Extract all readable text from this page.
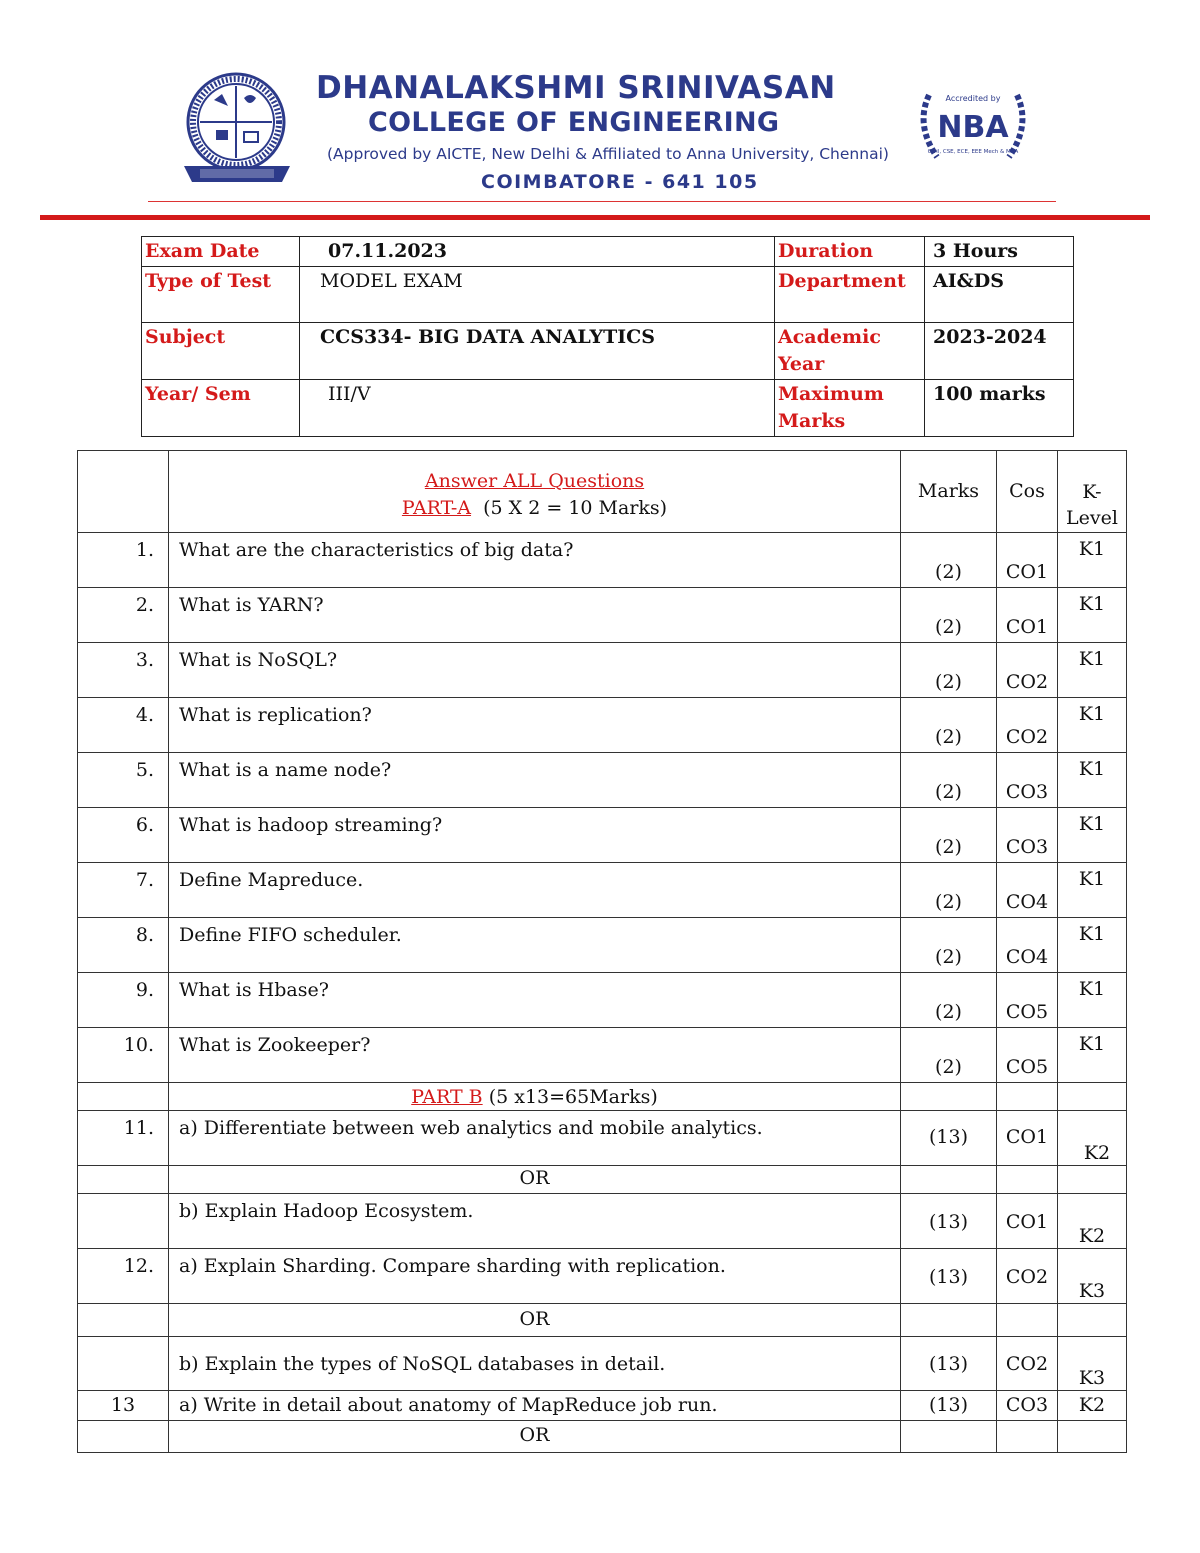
DHANALAKSHMI SRINIVASAN
COLLEGE OF ENGINEERING
(Approved by AICTE, New Delhi & Affiliated to Anna University, Chennai)
COIMBATORE - 641 105
Accredited by
NBA
Civil, CSE, ECE, EEE Mech & MBA
Exam Date	07.11.2023	Duration	3 Hours
Type of Test	MODEL EXAM	Department	AI&DS
Subject	CCS334- BIG DATA ANALYTICS	Academic Year	2023-2024
Year/ Sem	III/V	Maximum Marks	100 marks

	Answer ALL Questions
PART-A (5 X 2 = 10 Marks)	Marks	Cos	K-Level
1.	What are the characteristics of big data?	(2)	CO1	K1
2.	What is YARN?	(2)	CO1	K1
3.	What is NoSQL?	(2)	CO2	K1
4.	What is replication?	(2)	CO2	K1
5.	What is a name node?	(2)	CO3	K1
6.	What is hadoop streaming?	(2)	CO3	K1
7.	Define Mapreduce.	(2)	CO4	K1
8.	Define FIFO scheduler.	(2)	CO4	K1
9.	What is Hbase?	(2)	CO5	K1
10.	What is Zookeeper?	(2)	CO5	K1
	PART B (5 x13=65Marks)			
11.	a) Differentiate between web analytics and mobile analytics.	(13)	CO1	K2
	OR			
	b) Explain Hadoop Ecosystem.	(13)	CO1	K2
12.	a) Explain Sharding. Compare sharding with replication.	(13)	CO2	K3
	OR			
	b) Explain the types of NoSQL databases in detail.	(13)	CO2	K3
13	a) Write in detail about anatomy of MapReduce job run.	(13)	CO3	K2
	OR			
